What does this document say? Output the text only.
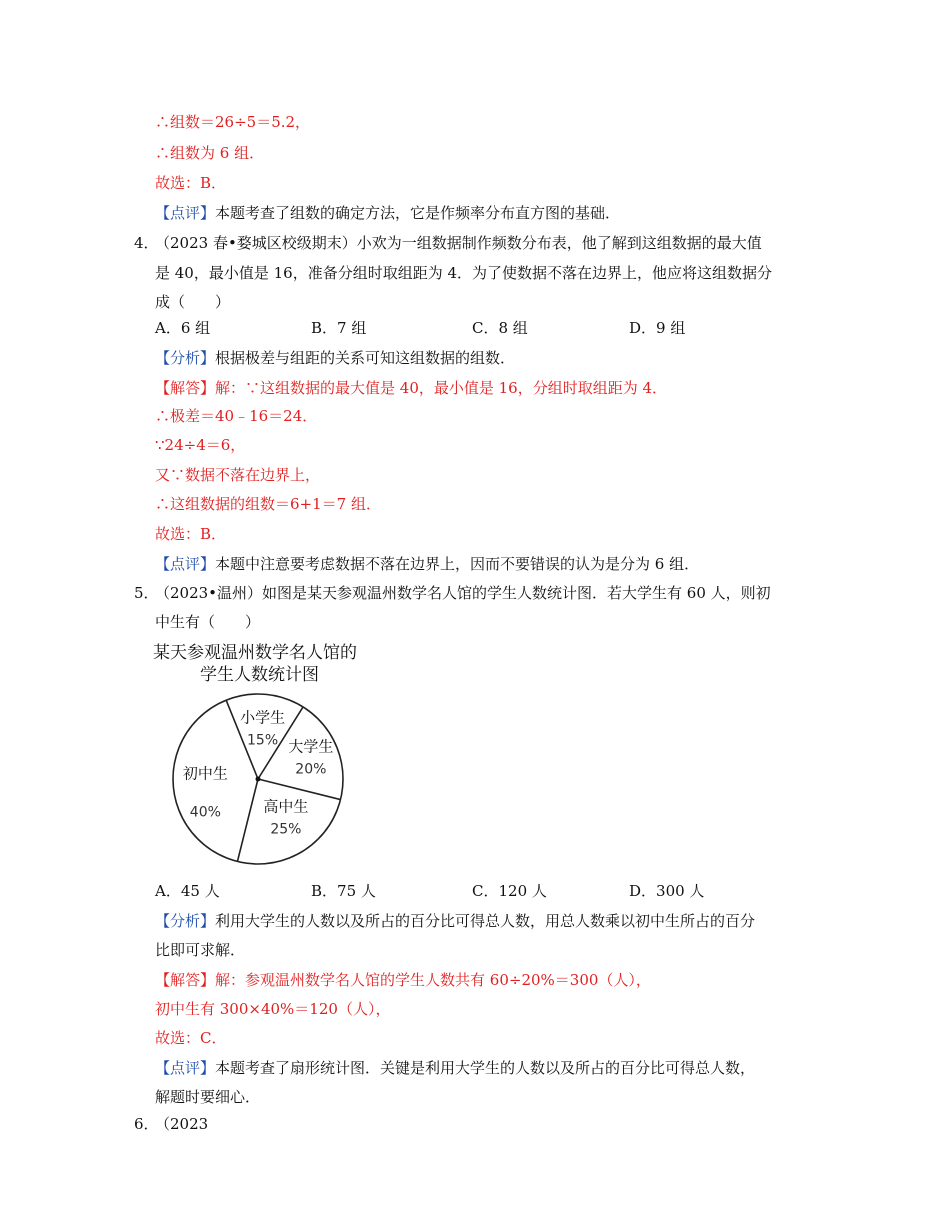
∴组数＝26÷5＝5.2，
∴组数为 6 组．
故选：B．
【点评】本题考查了组数的确定方法，它是作频率分布直方图的基础．
4．
（2023 春•婺城区校级期末）小欢为一组数据制作频数分布表，他了解到这组数据的最大值
是 40，最小值是 16，准备分组时取组距为 4．为了使数据不落在边界上，他应将这组数据分
成（　　）
A．6 组	B．7 组	C．8 组	D．9 组
【分析】根据极差与组距的关系可知这组数据的组数．
【解答】解：∵这组数据的最大值是 40，最小值是 16，分组时取组距为 4．
∴极差＝40﹣16＝24．
∵24÷4＝6，
又∵数据不落在边界上，
∴这组数据的组数＝6+1＝7 组．
故选：B．
【点评】本题中注意要考虑数据不落在边界上，因而不要错误的认为是分为 6 组．
5．
（2023•温州）如图是某天参观温州数学名人馆的学生人数统计图．若大学生有 60 人，则初
中生有（　　）
某天参观温州数学名人馆的
学生人数统计图
小学生
15% 大学生
20%
高中生
25%
初中生
40%
A．45 人	B．75 人	C．120 人	D．300 人
【分析】利用大学生的人数以及所占的百分比可得总人数，用总人数乘以初中生所占的百分
比即可求解．
【解答】解：参观温州数学名人馆的学生人数共有 60÷20%＝300（人），
初中生有 300×40%＝120（人），
故选：C．
【点评】本题考查了扇形统计图．关键是利用大学生的人数以及所占的百分比可得总人数，
解题时要细心．
6．
（2023
